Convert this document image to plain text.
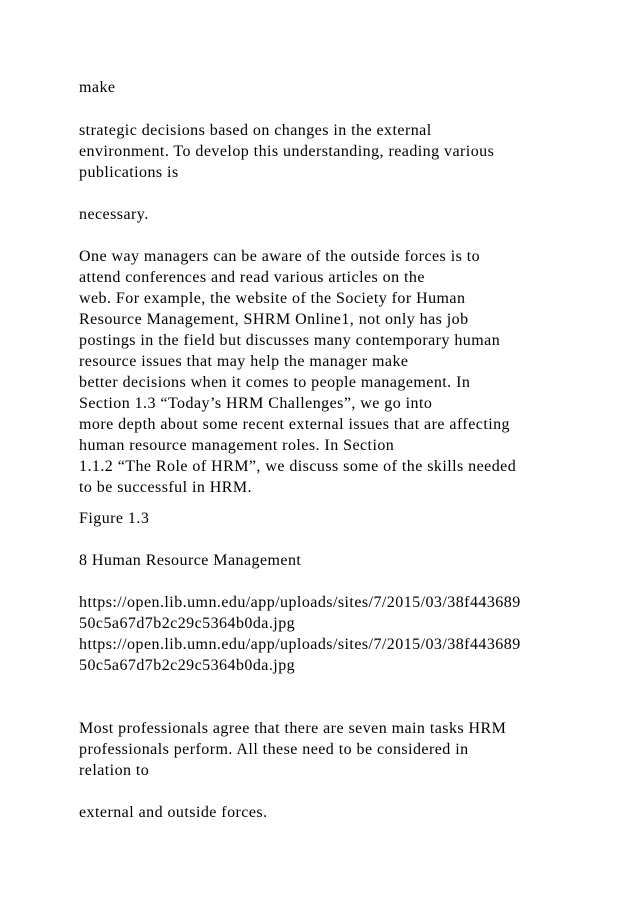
make

strategic decisions based on changes in the external
environment. To develop this understanding, reading various
publications is

necessary.

One way managers can be aware of the outside forces is to
attend conferences and read various articles on the
web. For example, the website of the Society for Human
Resource Management, SHRM Online1, not only has job
postings in the field but discusses many contemporary human
resource issues that may help the manager make
better decisions when it comes to people management. In
Section 1.3 “Today’s HRM Challenges”, we go into
more depth about some recent external issues that are affecting
human resource management roles. In Section
1.1.2 “The Role of HRM”, we discuss some of the skills needed
to be successful in HRM.

Figure 1.3

8 Human Resource Management

https://open.lib.umn.edu/app/uploads/sites/7/2015/03/38f443689
50c5a67d7b2c29c5364b0da.jpg
https://open.lib.umn.edu/app/uploads/sites/7/2015/03/38f443689
50c5a67d7b2c29c5364b0da.jpg

Most professionals agree that there are seven main tasks HRM
professionals perform. All these need to be considered in
relation to

external and outside forces.
